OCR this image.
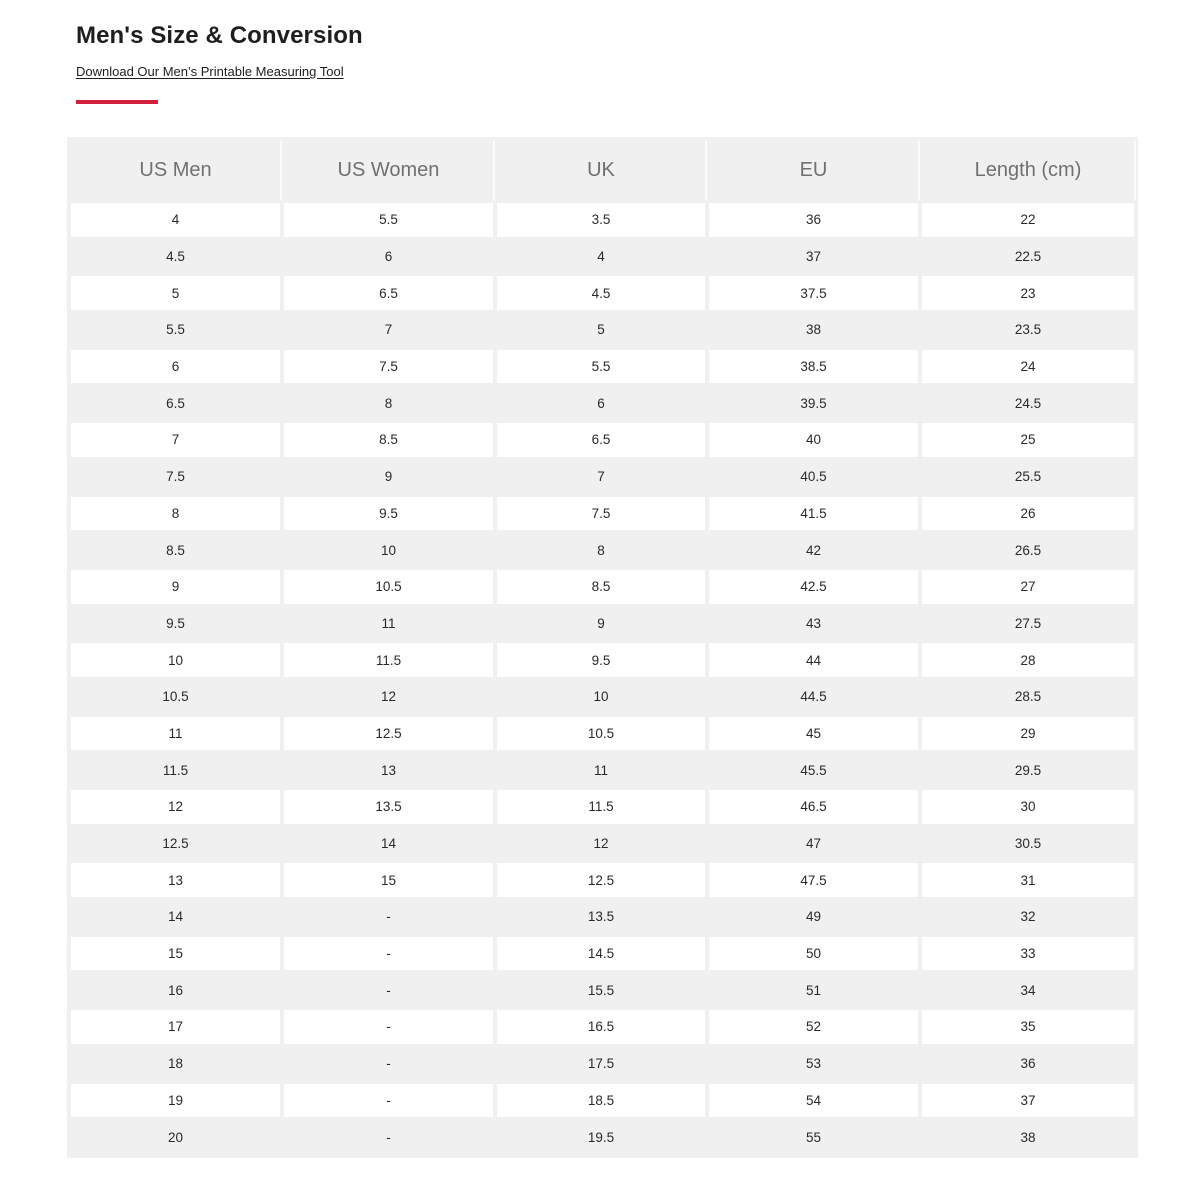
Men's Size & Conversion
Download Our Men’s Printable Measuring Tool
US Men	US Women	UK	EU	Length (cm)
4	5.5	3.5	36	22
4.5	6	4	37	22.5
5	6.5	4.5	37.5	23
5.5	7	5	38	23.5
6	7.5	5.5	38.5	24
6.5	8	6	39.5	24.5
7	8.5	6.5	40	25
7.5	9	7	40.5	25.5
8	9.5	7.5	41.5	26
8.5	10	8	42	26.5
9	10.5	8.5	42.5	27
9.5	11	9	43	27.5
10	11.5	9.5	44	28
10.5	12	10	44.5	28.5
11	12.5	10.5	45	29
11.5	13	11	45.5	29.5
12	13.5	11.5	46.5	30
12.5	14	12	47	30.5
13	15	12.5	47.5	31
14	-	13.5	49	32
15	-	14.5	50	33
16	-	15.5	51	34
17	-	16.5	52	35
18	-	17.5	53	36
19	-	18.5	54	37
20	-	19.5	55	38
